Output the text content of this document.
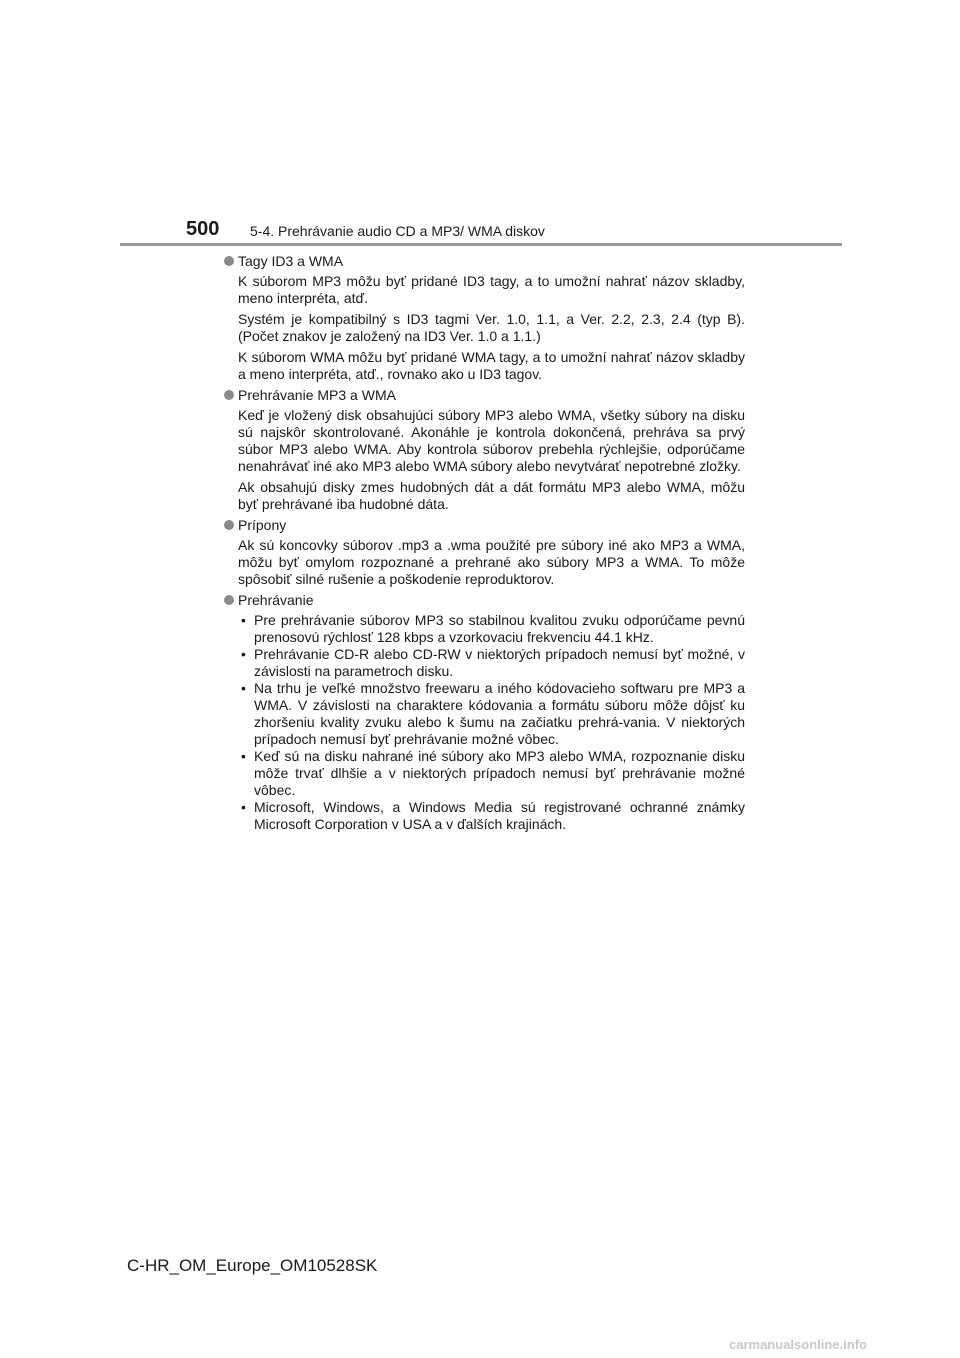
500 5-4. Prehrávanie audio CD a MP3/ WMA diskov
Tagy ID3 a WMA

K súborom MP3 môžu byť pridané ID3 tagy, a to umožní nahrať názov skladby, meno interpréta, atď.

Systém je kompatibilný s ID3 tagmi Ver. 1.0, 1.1, a Ver. 2.2, 2.3, 2.4 (typ B). (Počet znakov je založený na ID3 Ver. 1.0 a 1.1.)

K súborom WMA môžu byť pridané WMA tagy, a to umožní nahrať názov skladby a meno interpréta, atď., rovnako ako u ID3 tagov.

Prehrávanie MP3 a WMA

Keď je vložený disk obsahujúci súbory MP3 alebo WMA, všetky súbory na disku sú najskôr skontrolované. Akonáhle je kontrola dokončená, prehráva sa prvý súbor MP3 alebo WMA. Aby kontrola súborov prebehla rýchlejšie, odporúčame nenahrávať iné ako MP3 alebo WMA súbory alebo nevytvárať nepotrebné zložky.

Ak obsahujú disky zmes hudobných dát a dát formátu MP3 alebo WMA, môžu byť prehrávané iba hudobné dáta.

Prípony

Ak sú koncovky súborov .mp3 a .wma použité pre súbory iné ako MP3 a WMA, môžu byť omylom rozpoznané a prehrané ako súbory MP3 a WMA. To môže spôsobiť silné rušenie a poškodenie reproduktorov.

Prehrávanie
• Pre prehrávanie súborov MP3 so stabilnou kvalitou zvuku odporúčame pevnú prenosovú rýchlosť 128 kbps a vzorkovaciu frekvenciu 44.1 kHz.
• Prehrávanie CD-R alebo CD-RW v niektorých prípadoch nemusí byť možné, v závislosti na parametroch disku.
• Na trhu je veľké množstvo freewaru a iného kódovacieho softwaru pre MP3 a WMA. V závislosti na charaktere kódovania a formátu súboru môže dôjsť ku zhoršeniu kvality zvuku alebo k šumu na začiatku prehrá-vania. V niektorých prípadoch nemusí byť prehrávanie možné vôbec.
• Keď sú na disku nahrané iné súbory ako MP3 alebo WMA, rozpoznanie disku môže trvať dlhšie a v niektorých prípadoch nemusí byť prehrávanie možné vôbec.
• Microsoft, Windows, a Windows Media sú registrované ochranné známky Microsoft Corporation v USA a v ďalších krajinách.
C-HR_OM_Europe_OM10528SK
carmanualsonline.info
